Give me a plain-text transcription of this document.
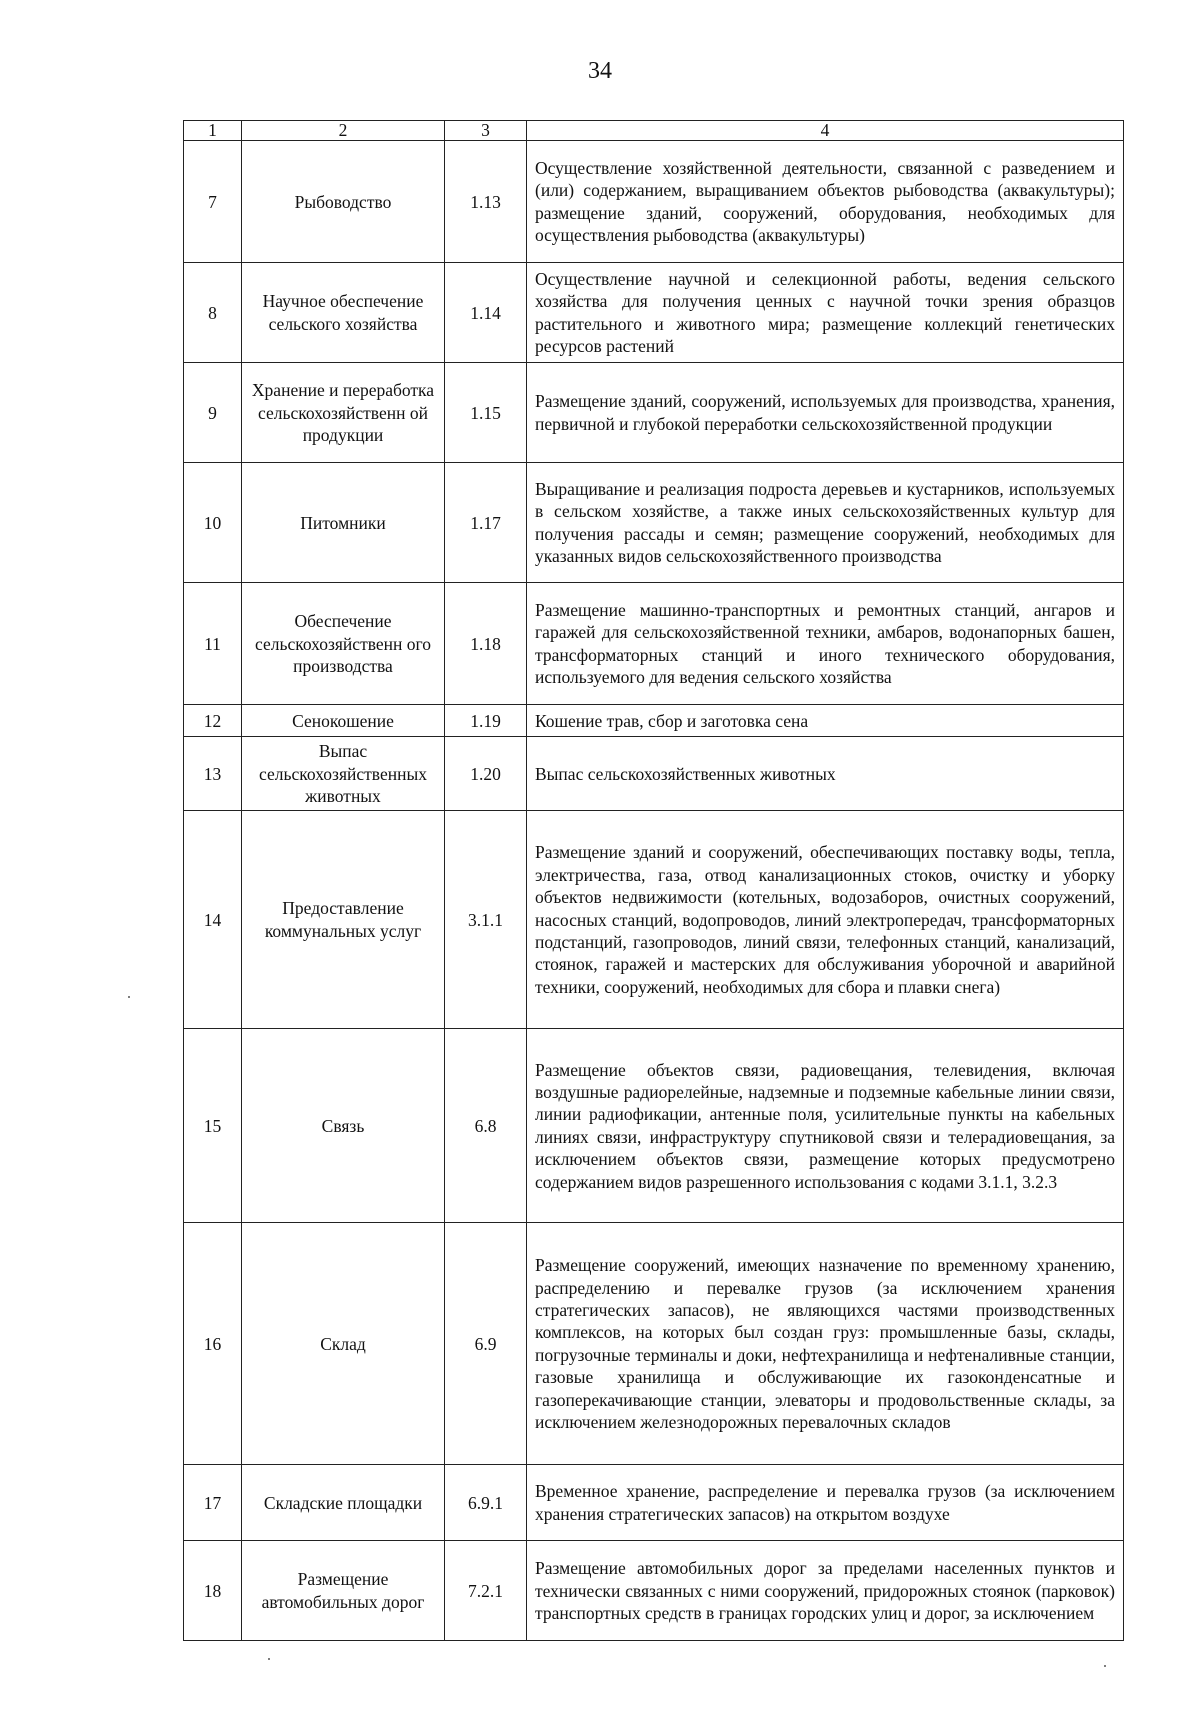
34
1	2	3	4
7	Рыбоводство	1.13	Осуществление хозяйственной деятельности, связанной с разведением и (или) содержанием, выращиванием объектов рыбоводства (аквакультуры); размещение зданий, сооружений, оборудования, необходимых для осуществления рыбоводства (аквакультуры)
8	Научное обеспечение сельского хозяйства	1.14	Осуществление научной и селекционной работы, ведения сельского хозяйства для получения ценных с научной точки зрения образцов растительного и животного мира; размещение коллекций генетических ресурсов растений
9	Хранение и переработка сельскохозяйственн ой продукции	1.15	Размещение зданий, сооружений, используемых для производства, хранения, первичной и глубокой переработки сельскохозяйственной продукции
10	Питомники	1.17	Выращивание и реализация подроста деревьев и кустарников, используемых в сельском хозяйстве, а также иных сельскохозяйственных культур для получения рассады и семян; размещение сооружений, необходимых для указанных видов сельскохозяйственного производства
11	Обеспечение сельскохозяйственн ого производства	1.18	Размещение машинно-транспортных и ремонтных станций, ангаров и гаражей для сельскохозяйственной техники, амбаров, водонапорных башен, трансформаторных станций и иного технического оборудования, используемого для ведения сельского хозяйства
12	Сенокошение	1.19	Кошение трав, сбор и заготовка сена
13	Выпас сельскохозяйственных животных	1.20	Выпас сельскохозяйственных животных
14	Предоставление коммунальных услуг	3.1.1	Размещение зданий и сооружений, обеспечивающих поставку воды, тепла, электричества, газа, отвод канализационных стоков, очистку и уборку объектов недвижимости (котельных, водозаборов, очистных сооружений, насосных станций, водопроводов, линий электропередач, трансформаторных подстанций, газопроводов, линий связи, телефонных станций, канализаций, стоянок, гаражей и мастерских для обслуживания уборочной и аварийной техники, сооружений, необходимых для сбора и плавки снега)
15	Связь	6.8	Размещение объектов связи, радиовещания, телевидения, включая воздушные радиорелейные, надземные и подземные кабельные линии связи, линии радиофикации, антенные поля, усилительные пункты на кабельных линиях связи, инфраструктуру спутниковой связи и телерадиовещания, за исключением объектов связи, размещение которых предусмотрено содержанием видов разрешенного использования с кодами 3.1.1, 3.2.3
16	Склад	6.9	Размещение сооружений, имеющих назначение по временному хранению, распределению и перевалке грузов (за исключением хранения стратегических запасов), не являющихся частями производственных комплексов, на которых был создан груз: промышленные базы, склады, погрузочные терминалы и доки, нефтехранилища и нефтеналивные станции, газовые хранилища и обслуживающие их газоконденсатные и газоперекачивающие станции, элеваторы и продовольственные склады, за исключением железнодорожных перевалочных складов
17	Складские площадки	6.9.1	Временное хранение, распределение и перевалка грузов (за исключением хранения стратегических запасов) на открытом воздухе
18	Размещение автомобильных дорог	7.2.1	Размещение автомобильных дорог за пределами населенных пунктов и технически связанных с ними сооружений, придорожных стоянок (парковок) транспортных средств в границах городских улиц и дорог, за исключением
